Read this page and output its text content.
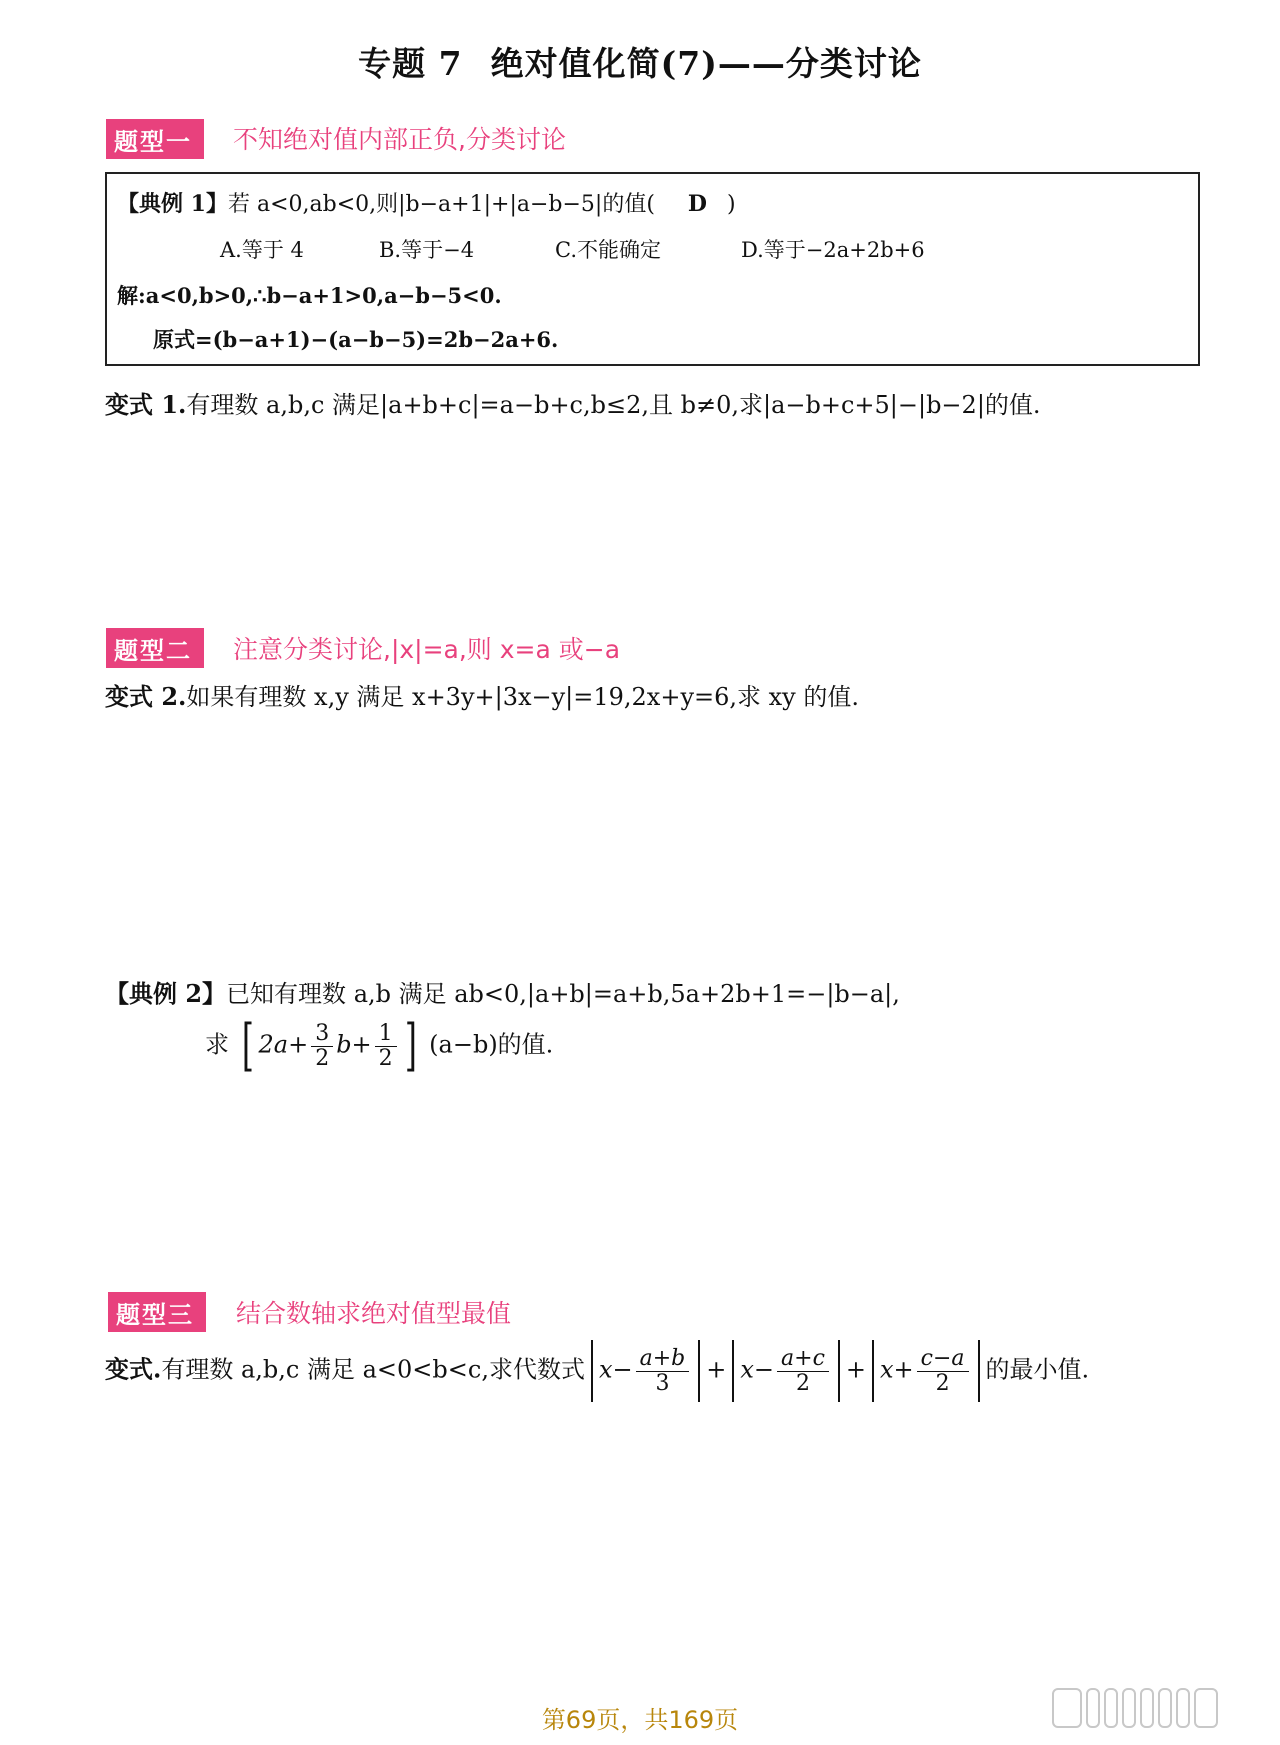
专题 7 绝对值化简(7)——分类讨论
题型一	不知绝对值内部正负,分类讨论
【典例 1】若 a<0,ab<0,则|b−a+1|+|a−b−5|的值( D )
A.等于 4	B.等于−4	C.不能确定	D.等于−2a+2b+6
解:a<0,b>0,∴b−a+1>0,a−b−5<0.
原式=(b−a+1)−(a−b−5)=2b−2a+6.
变式 1.有理数 a,b,c 满足|a+b+c|=a−b+c,b≤2,且 b≠0,求|a−b+c+5|−|b−2|的值.
题型二	注意分类讨论,|x|=a,则 x=a 或−a
变式 2.如果有理数 x,y 满足 x+3y+|3x−y|=19,2x+y=6,求 xy 的值.
【典例 2】已知有理数 a,b 满足 ab<0,|a+b|=a+b,5a+2b+1=−|b−a|,
求 [ $2a+ \frac{3}{2} b+ \frac{1}{2}$ ] (a−b)的值.
题型三	结合数轴求绝对值型最值
变式.有理数 a,b,c 满足 a<0<b<c,求代数式 $x- \frac{a+b}{3} + x- \frac{a+c}{2} + x+ \frac{c-a}{2}$ 的最小值.
第69页，共169页
